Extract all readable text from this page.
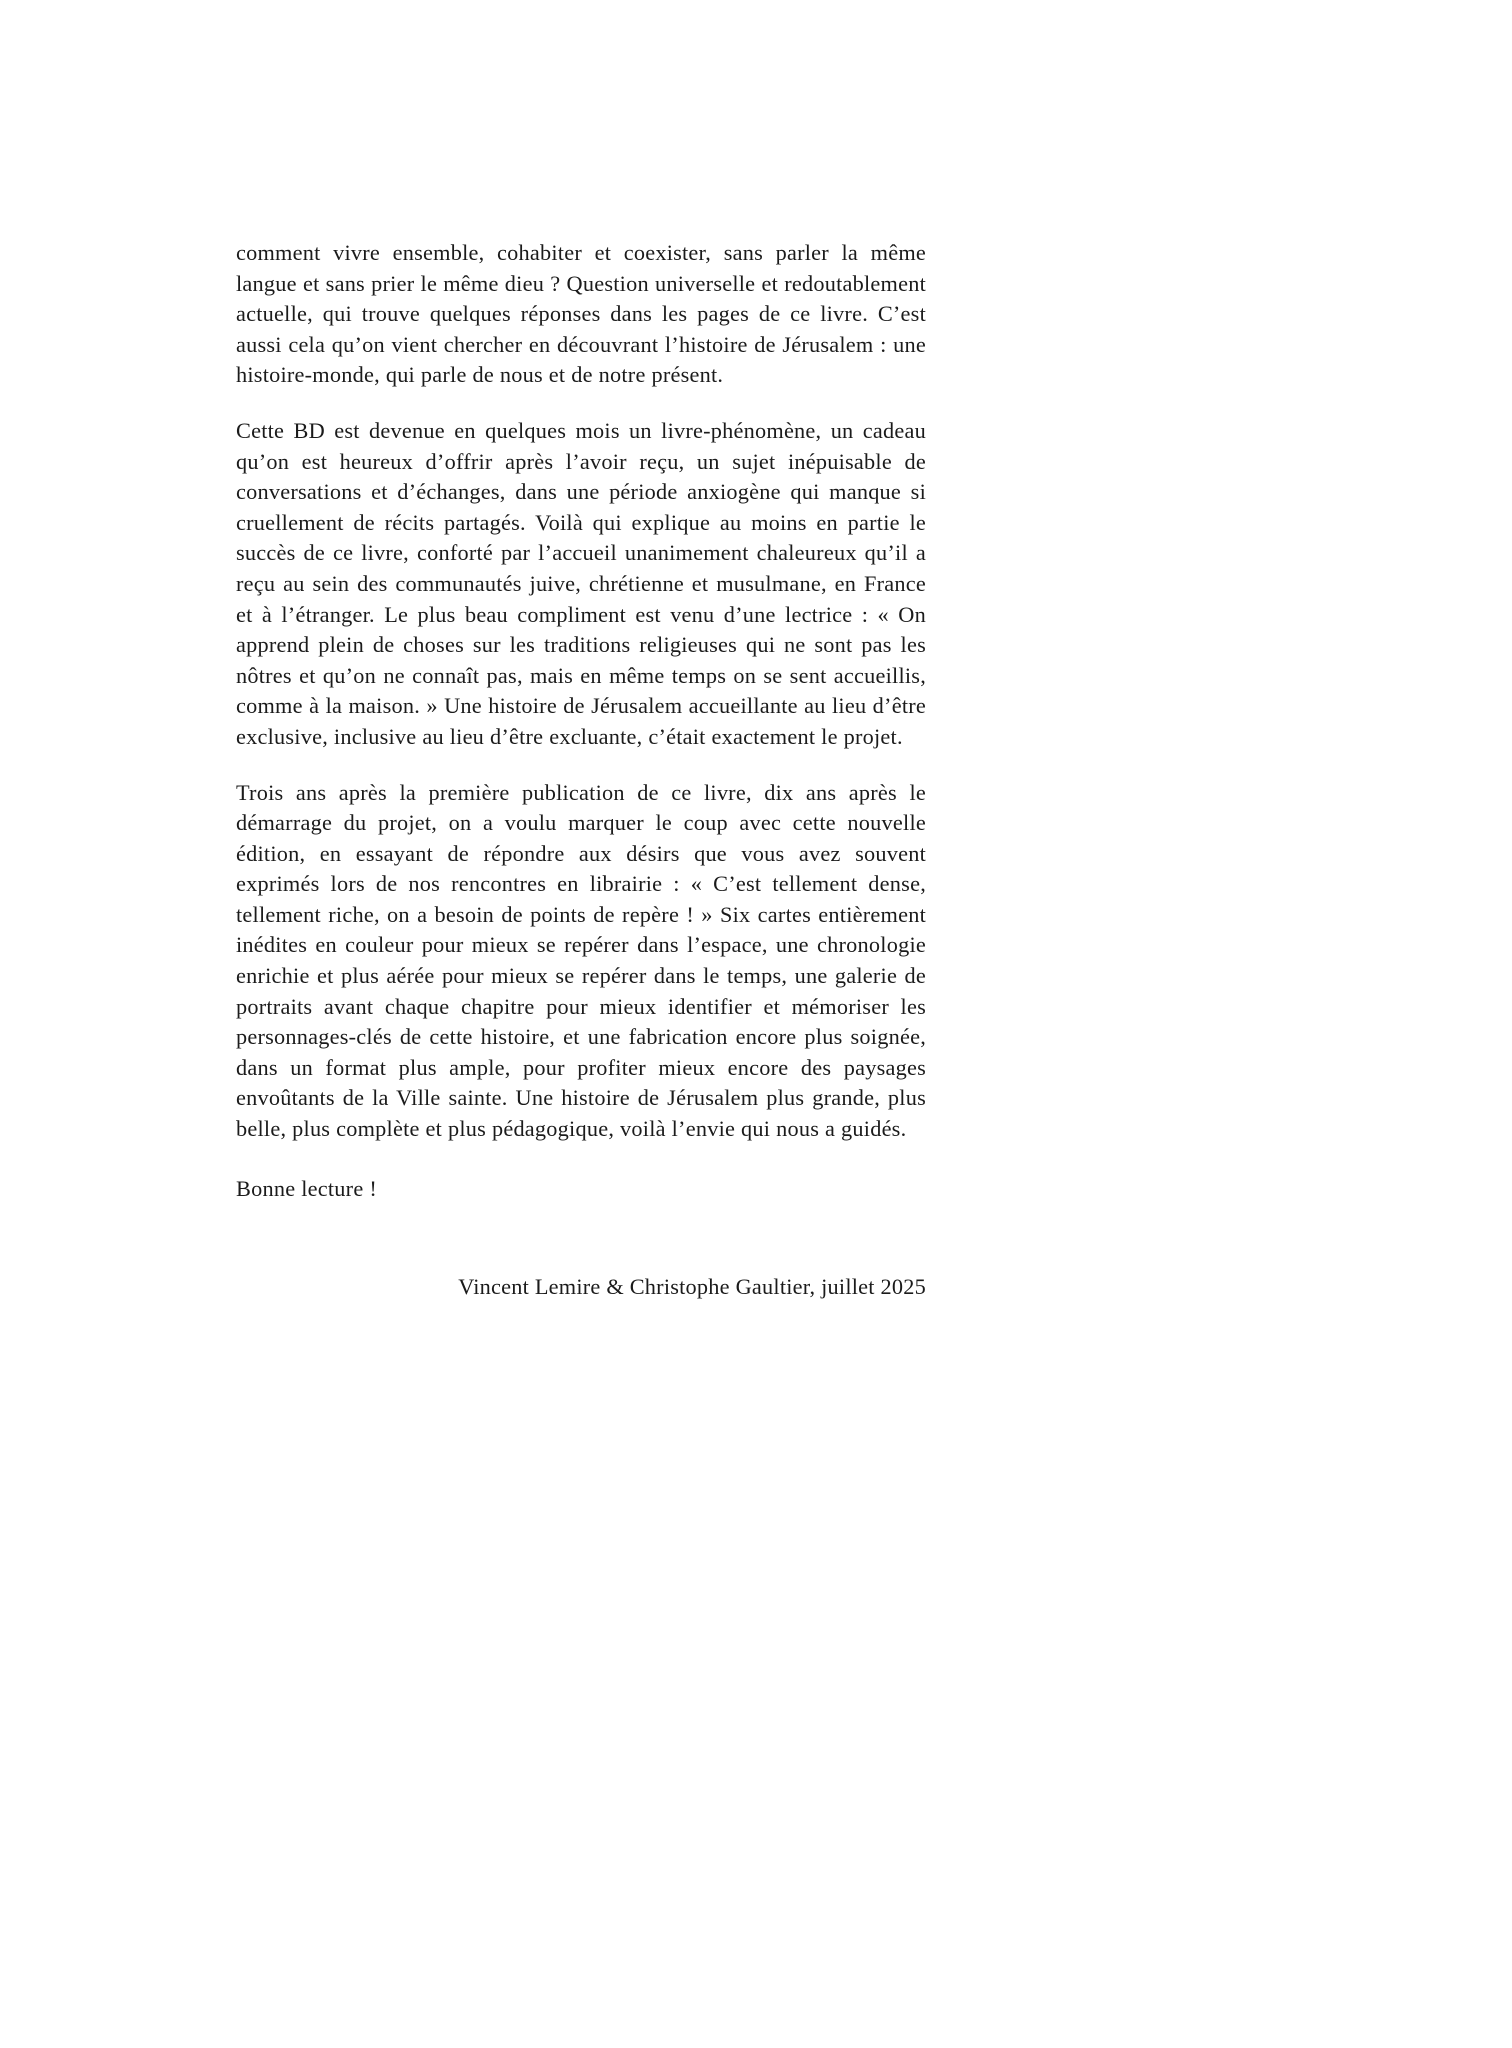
comment vivre ensemble, cohabiter et coexister, sans parler la même langue et sans prier le même dieu ? Question universelle et redoutablement actuelle, qui trouve quelques réponses dans les pages de ce livre. C’est aussi cela qu’on vient chercher en découvrant l’histoire de Jérusalem : une histoire-monde, qui parle de nous et de notre présent.

Cette BD est devenue en quelques mois un livre-phénomène, un cadeau qu’on est heureux d’offrir après l’avoir reçu, un sujet inépuisable de conversations et d’échanges, dans une période anxiogène qui manque si cruellement de récits partagés. Voilà qui explique au moins en partie le succès de ce livre, conforté par l’accueil unanimement chaleureux qu’il a reçu au sein des communautés juive, chrétienne et musulmane, en France et à l’étranger. Le plus beau compliment est venu d’une lectrice : « On apprend plein de choses sur les traditions religieuses qui ne sont pas les nôtres et qu’on ne connaît pas, mais en même temps on se sent accueillis, comme à la maison. » Une histoire de Jérusalem accueillante au lieu d’être exclusive, inclusive au lieu d’être excluante, c’était exactement le projet.

Trois ans après la première publication de ce livre, dix ans après le démarrage du projet, on a voulu marquer le coup avec cette nouvelle édition, en essayant de répondre aux désirs que vous avez souvent exprimés lors de nos rencontres en librairie : « C’est tellement dense, tellement riche, on a besoin de points de repère ! » Six cartes entièrement inédites en couleur pour mieux se repérer dans l’espace, une chronologie enrichie et plus aérée pour mieux se repérer dans le temps, une galerie de portraits avant chaque chapitre pour mieux identifier et mémoriser les personnages-clés de cette histoire, et une fabrication encore plus soignée, dans un format plus ample, pour profiter mieux encore des paysages envoûtants de la Ville sainte. Une histoire de Jérusalem plus grande, plus belle, plus complète et plus pédagogique, voilà l’envie qui nous a guidés.

Bonne lecture !

Vincent Lemire & Christophe Gaultier, juillet 2025
